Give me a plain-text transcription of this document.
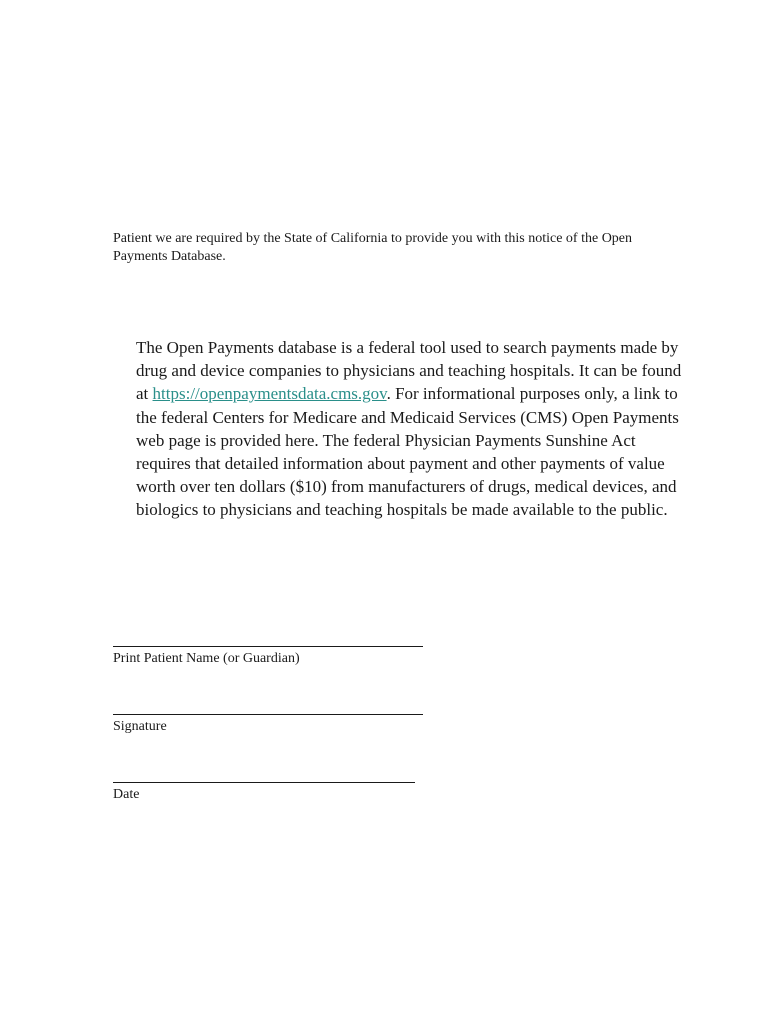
Patient we are required by the State of California to provide you with this notice of the Open Payments Database.

The Open Payments database is a federal tool used to search payments made by drug and device companies to physicians and teaching hospitals. It can be found at https://openpaymentsdata.cms.gov. For informational purposes only, a link to the federal Centers for Medicare and Medicaid Services (CMS) Open Payments web page is provided here. The federal Physician Payments Sunshine Act requires that detailed information about payment and other payments of value worth over ten dollars ($10) from manufacturers of drugs, medical devices, and biologics to physicians and teaching hospitals be made available to the public.

Print Patient Name (or Guardian)
Signature
Date
